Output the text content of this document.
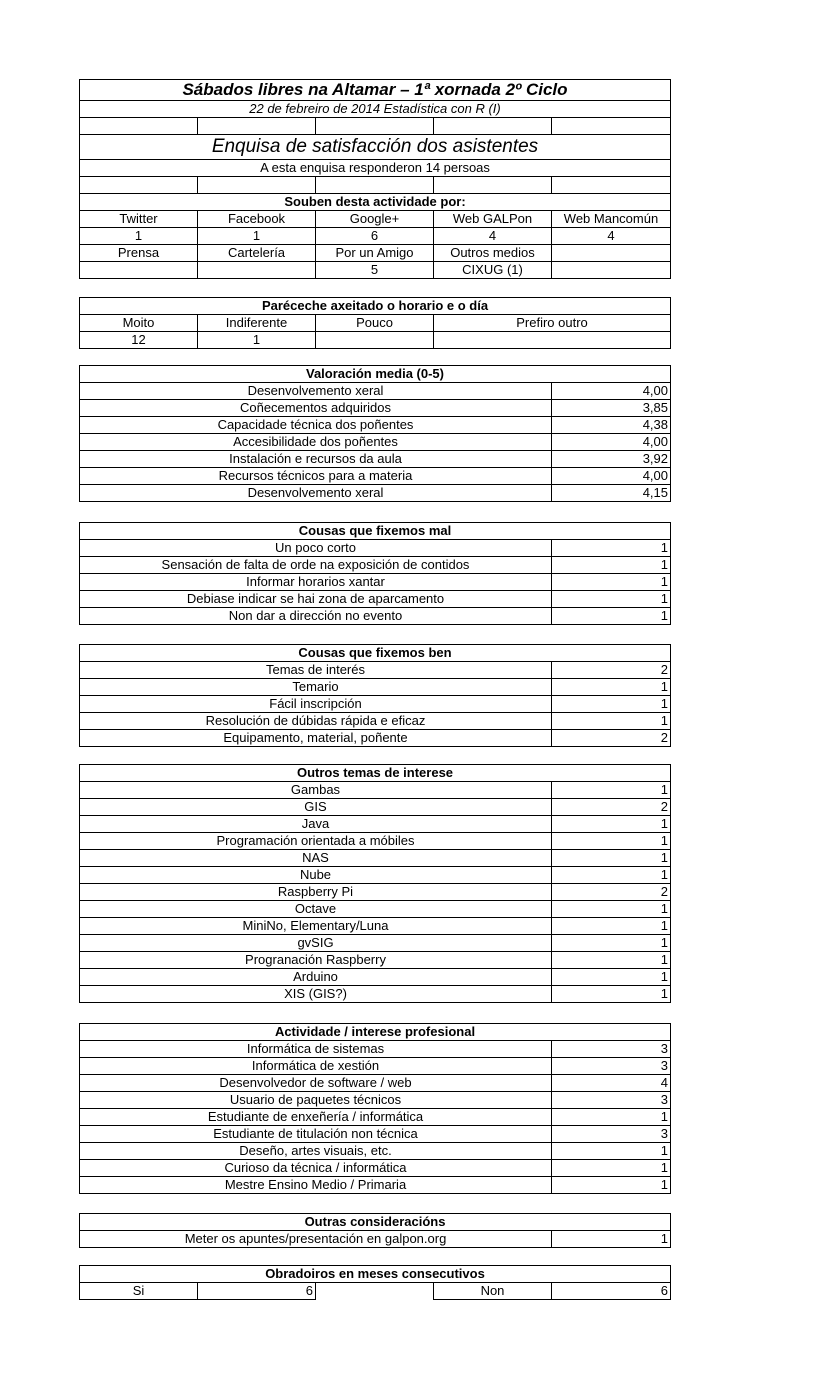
Sábados libres na Altamar – 1ª xornada 2º Ciclo				
22 de febreiro de 2014 Estadística con R (I)				

Enquisa de satisfacción dos asistentes				
A esta enquisa responderon 14 persoas				

Souben desta actividade por:				
Twitter	Facebook	Google+	Web GALPon	Web Mancomún
1	1	6	4	4
Prensa	Cartelería	Por un Amigo	Outros medios	
		5	CIXUG (1)	
Paréceche axeitado o horario e o día			
Moito	Indiferente	Pouco	Prefiro outro
12	1		
Valoración media (0-5)	
Desenvolvemento xeral	4,00
Coñecementos adquiridos	3,85
Capacidade técnica dos poñentes	4,38
Accesibilidade dos poñentes	4,00
Instalación e recursos da aula	3,92
Recursos técnicos para a materia	4,00
Desenvolvemento xeral	4,15
Cousas que fixemos mal	
Un poco corto	1
Sensación de falta de orde na exposición de contidos	1
Informar horarios xantar	1
Debiase indicar se hai zona de aparcamento	1
Non dar a dirección no evento	1
Cousas que fixemos ben	
Temas de interés	2
Temario	1
Fácil inscripción	1
Resolución de dúbidas rápida e eficaz	1
Equipamento, material, poñente	2
Outros temas de interese	
Gambas	1
GIS	2
Java	1
Programación orientada a móbiles	1
NAS	1
Nube	1
Raspberry Pi	2
Octave	1
MiniNo, Elementary/Luna	1
gvSIG	1
Progranación Raspberry	1
Arduino	1
XIS (GIS?)	1
Actividade / interese profesional	
Informática de sistemas	3
Informática de xestión	3
Desenvolvedor de software / web	4
Usuario de paquetes técnicos	3
Estudiante de enxeñería / informática	1
Estudiante de titulación non técnica	3
Deseño, artes visuais, etc.	1
Curioso da técnica / informática	1
Mestre Ensino Medio / Primaria	1
Outras consideracións
Meter os apuntes/presentación en galpon.org	1
Obradoiros en meses consecutivos
Si	6		Non	6
